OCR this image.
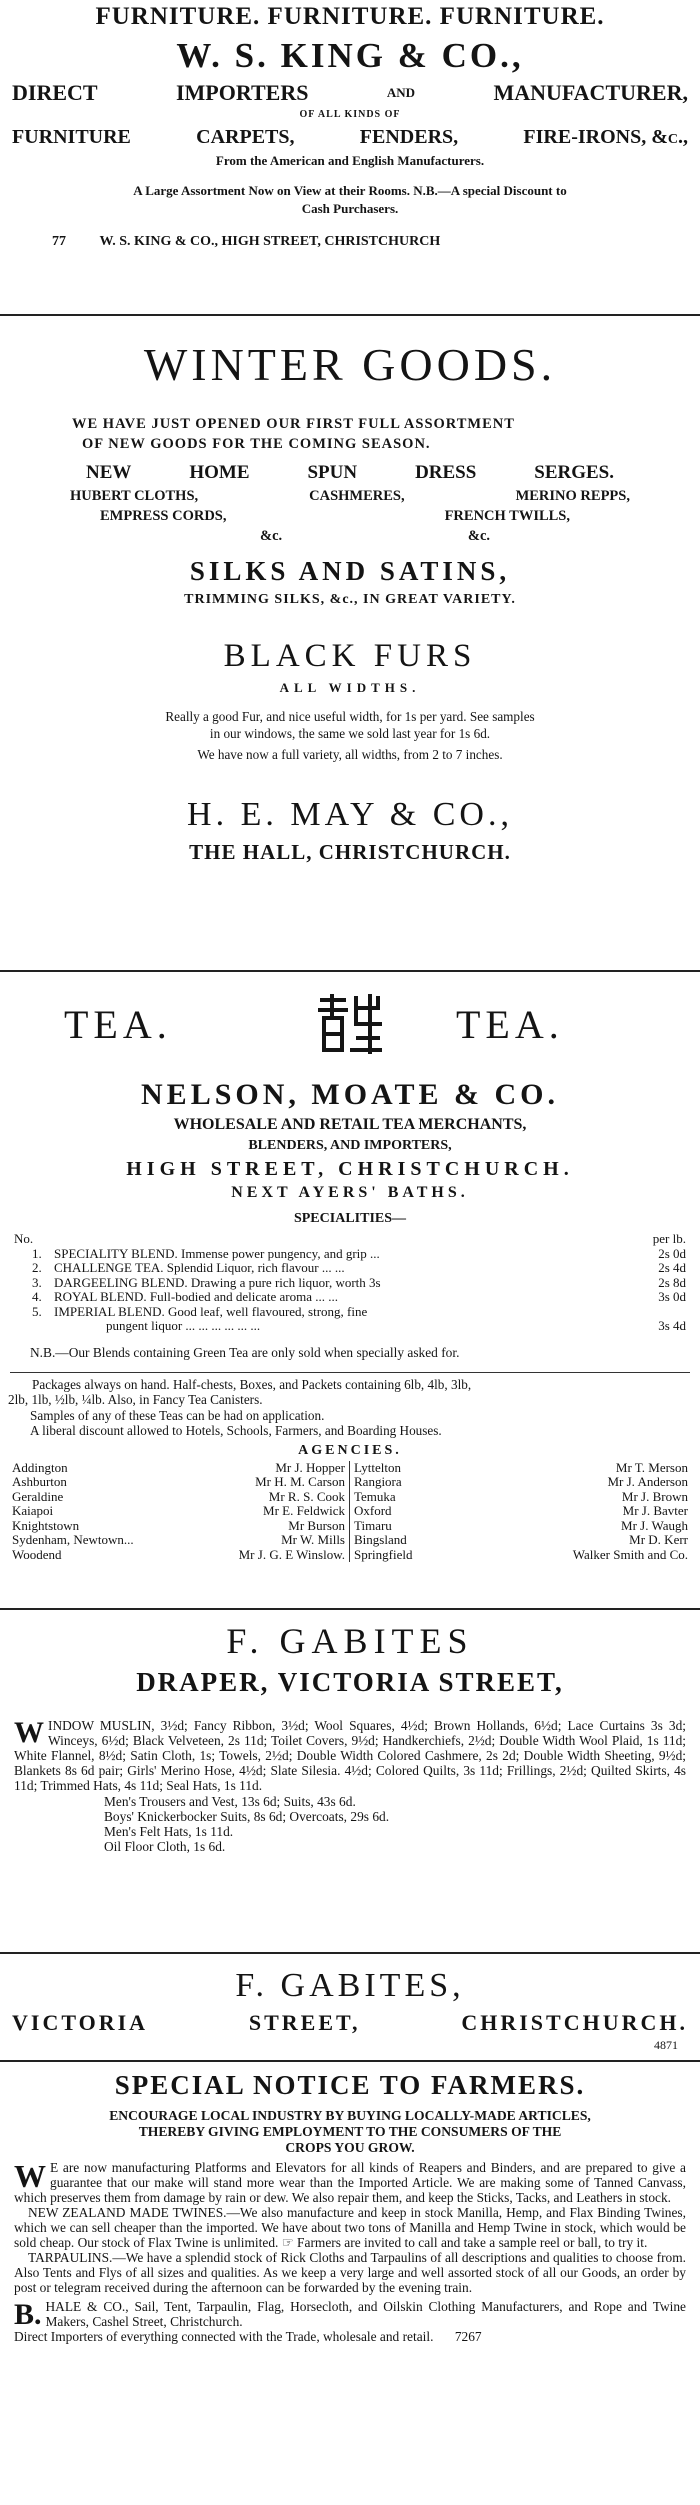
FURNITURE. FURNITURE. FURNITURE.
W. S. KING & CO.,
DIRECT	IMPORTERS	AND	MANUFACTURER,
OF ALL KINDS OF
FURNITURE	CARPETS,	FENDERS,	FIRE-IRONS, &c.,
From the American and English Manufacturers.
A Large Assortment Now on View at their Rooms. N.B.—A special Discount to
Cash Purchasers.
77 W. S. KING & CO., HIGH STREET, CHRISTCHURCH
WINTER GOODS.
WE HAVE JUST OPENED OUR FIRST FULL ASSORTMENT
OF NEW GOODS FOR THE COMING SEASON.
NEW	HOME	SPUN	DRESS	SERGES.
HUBERT CLOTHS,	CASHMERES,	MERINO REPPS,
EMPRESS CORDS,	FRENCH TWILLS,
&c.	&c.
SILKS AND SATINS,
TRIMMING SILKS, &c., IN GREAT VARIETY.
BLACK FURS
ALL WIDTHS.
Really a good Fur, and nice useful width, for 1s per yard. See samples
in our windows, the same we sold last year for 1s 6d.
We have now a full variety, all widths, from 2 to 7 inches.
H. E. MAY & CO.,
THE HALL, CHRISTCHURCH.
TEA.	TEA.
NELSON, MOATE & CO.
WHOLESALE AND RETAIL TEA MERCHANTS,
BLENDERS, AND IMPORTERS,
HIGH STREET, CHRISTCHURCH.
NEXT AYERS' BATHS.
SPECIALITIES—
No.	per lb.
1. SPECIALITY BLEND. Immense power pungency, and grip ...	2s 0d
2. CHALLENGE TEA. Splendid Liquor, rich flavour ... ...	2s 4d
3. DARGEELING BLEND. Drawing a pure rich liquor, worth 3s	2s 8d
4. ROYAL BLEND. Full-bodied and delicate aroma ... ...	3s 0d
5. IMPERIAL BLEND. Good leaf, well flavoured, strong, fine
pungent liquor ... ... ... ... ... ...	3s 4d
N.B.—Our Blends containing Green Tea are only sold when specially asked for.
Packages always on hand. Half-chests, Boxes, and Packets containing 6lb, 4lb, 3lb,
2lb, 1lb, ½lb, ¼lb. Also, in Fancy Tea Canisters.
Samples of any of these Teas can be had on application.
A liberal discount allowed to Hotels, Schools, Farmers, and Boarding Houses.
AGENCIES.
Addington	Mr J. Hopper
Ashburton	Mr H. M. Carson
Geraldine	Mr R. S. Cook
Kaiapoi	Mr E. Feldwick
Knightstown	Mr Burson
Sydenham, Newtown...	Mr W. Mills
Woodend	Mr J. G. E Winslow.
Lyttelton	Mr T. Merson
Rangiora	Mr J. Anderson
Temuka	Mr J. Brown
Oxford	Mr J. Bavter
Timaru	Mr J. Waugh
Bingsland	Mr D. Kerr
Springfield	Walker Smith and Co.
F. GABITES
DRAPER, VICTORIA STREET,

WINDOW MUSLIN, 3½d; Fancy Ribbon, 3½d; Wool Squares, 4½d; Brown Hollands, 6½d; Lace Curtains 3s 3d; Winceys, 6½d; Black Velveteen, 2s 11d; Toilet Covers, 9½d; Handkerchiefs, 2½d; Double Width Wool Plaid, 1s 11d; White Flannel, 8½d; Satin Cloth, 1s; Towels, 2½d; Double Width Colored Cashmere, 2s 2d; Double Width Sheeting, 9½d; Blankets 8s 6d pair; Girls' Merino Hose, 4½d; Slate Silesia. 4½d; Colored Quilts, 3s 11d; Frillings, 2½d; Quilted Skirts, 4s 11d; Trimmed Hats, 4s 11d; Seal Hats, 1s 11d.

Men's Trousers and Vest, 13s 6d; Suits, 43s 6d.
Boys' Knickerbocker Suits, 8s 6d; Overcoats, 29s 6d.
Men's Felt Hats, 1s 11d.
Oil Floor Cloth, 1s 6d.
F. GABITES,
VICTORIA	STREET,	CHRISTCHURCH.
4871
SPECIAL NOTICE TO FARMERS.
ENCOURAGE LOCAL INDUSTRY BY BUYING LOCALLY-MADE ARTICLES,
THEREBY GIVING EMPLOYMENT TO THE CONSUMERS OF THE
CROPS YOU GROW.

W E are now manufacturing Platforms and Elevators for all kinds of Reapers and Binders, and are prepared to give a guarantee that our make will stand more wear than the Imported Article. We are making some of Tanned Canvass, which preserves them from damage by rain or dew. We also repair them, and keep the Sticks, Tacks, and Leathers in stock.

NEW ZEALAND MADE TWINES.—We also manufacture and keep in stock Manilla, Hemp, and Flax Binding Twines, which we can sell cheaper than the imported. We have about two tons of Manilla and Hemp Twine in stock, which would be sold cheap. Our stock of Flax Twine is unlimited. ☞ Farmers are invited to call and take a sample reel or ball, to try it.

TARPAULINS.—We have a splendid stock of Rick Cloths and Tarpaulins of all descriptions and qualities to choose from. Also Tents and Flys of all sizes and qualities. As we keep a very large and well assorted stock of all our Goods, an order by post or telegram received during the afternoon can be forwarded by the evening train.

B. HALE & CO., Sail, Tent, Tarpaulin, Flag, Horsecloth, and Oilskin Clothing Manufacturers, and Rope and Twine Makers, Cashel Street, Christchurch.
Direct Importers of everything connected with the Trade, wholesale and retail. 7267
